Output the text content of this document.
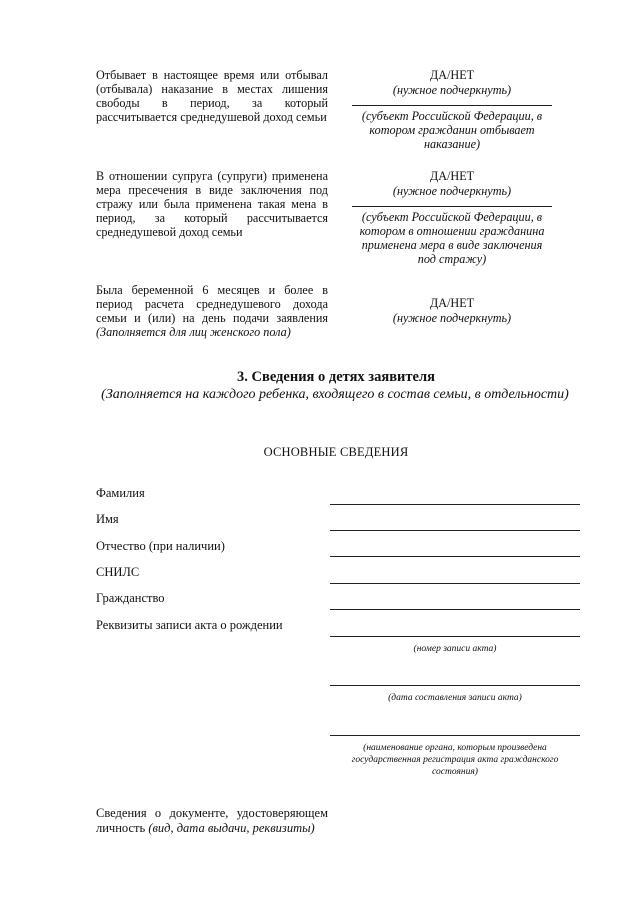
Отбывает в настоящее время или отбывал (отбывала) наказание в местах лишения свободы в период, за который рассчитывается среднедушевой доход семьи
ДА/НЕТ
(нужное подчеркнуть)
(субъект Российской Федерации, в котором гражданин отбывает наказание)
В отношении супруга (супруги) применена мера пресечения в виде заключения под стражу или была применена такая мена в период, за который рассчитывается среднедушевой доход семьи
ДА/НЕТ
(нужное подчеркнуть)
(субъект Российской Федерации, в котором в отношении гражданина применена мера в виде заключения под стражу)
Была беременной 6 месяцев и более в период расчета среднедушевого дохода семьи и (или) на день подачи заявления (Заполняется для лиц женского пола)
ДА/НЕТ
(нужное подчеркнуть)
3. Сведения о детях заявителя
(Заполняется на каждого ребенка, входящего в состав семьи, в отдельности)
ОСНОВНЫЕ СВЕДЕНИЯ
Фамилия
Имя
Отчество (при наличии)
СНИЛС
Гражданство
Реквизиты записи акта о рождении
(номер записи акта)
(дата составления записи акта)
(наименование органа, которым произведена государственная регистрация акта гражданского состояния)
Сведения о документе, удостоверяющем личность (вид, дата выдачи, реквизиты)
